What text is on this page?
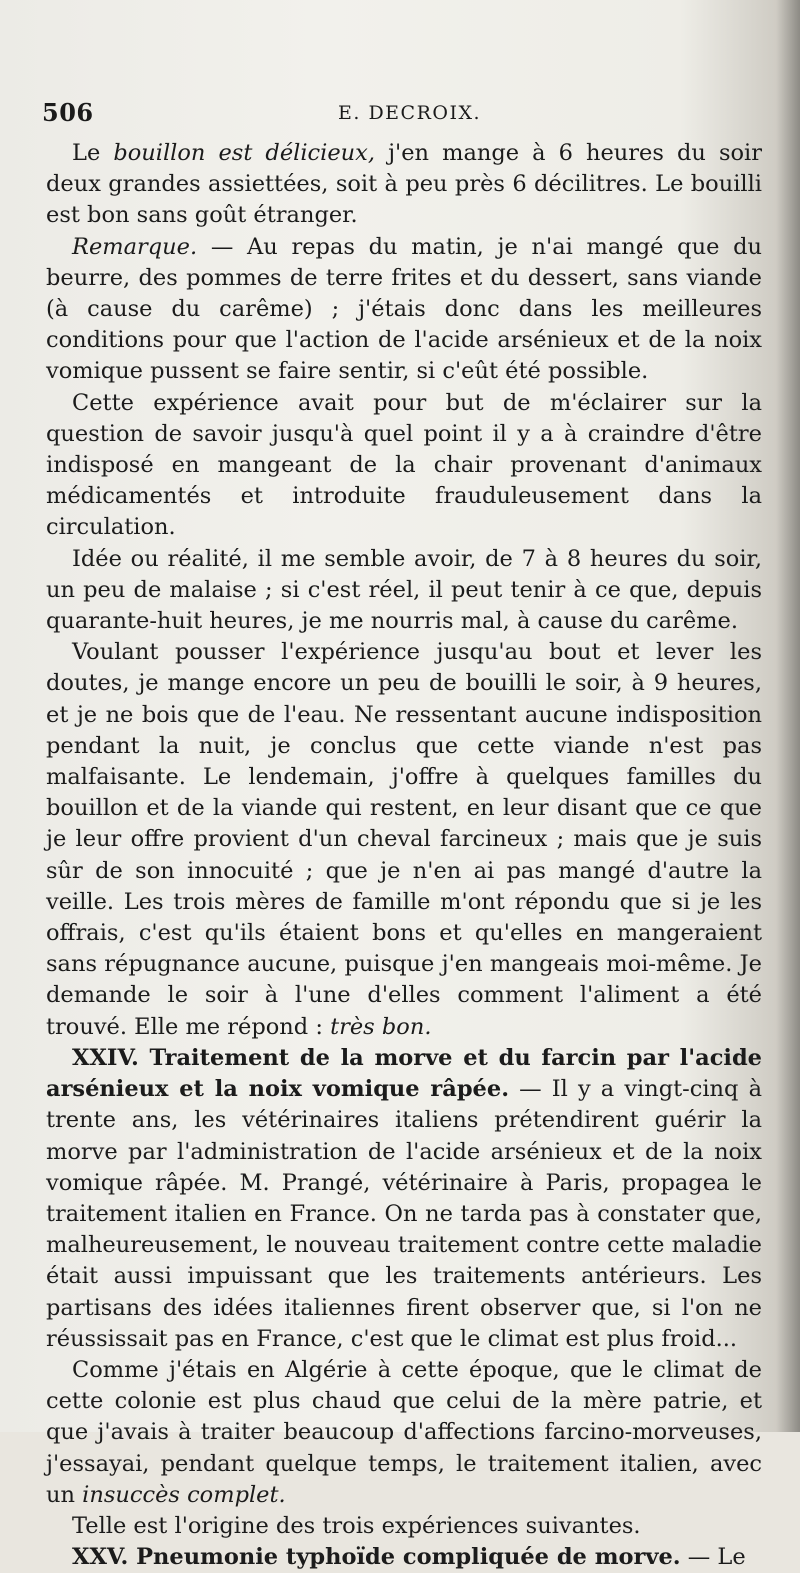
506	E. DECROIX.

Le bouillon est délicieux, j'en mange à 6 heures du soir deux grandes assiettées, soit à peu près 6 décilitres. Le bouilli est bon sans goût étranger.

Remarque. — Au repas du matin, je n'ai mangé que du beurre, des pommes de terre frites et du dessert, sans viande (à cause du carême) ; j'étais donc dans les meilleures conditions pour que l'action de l'acide arsénieux et de la noix vomique pussent se faire sentir, si c'eût été possible.

Cette expérience avait pour but de m'éclairer sur la question de savoir jusqu'à quel point il y a à craindre d'être indisposé en mangeant de la chair provenant d'animaux médicamentés et introduite frauduleusement dans la circulation.

Idée ou réalité, il me semble avoir, de 7 à 8 heures du soir, un peu de malaise ; si c'est réel, il peut tenir à ce que, depuis quarante-huit heures, je me nourris mal, à cause du carême.

Voulant pousser l'expérience jusqu'au bout et lever les doutes, je mange encore un peu de bouilli le soir, à 9 heures, et je ne bois que de l'eau. Ne ressentant aucune indisposition pendant la nuit, je conclus que cette viande n'est pas malfaisante. Le lendemain, j'offre à quelques familles du bouillon et de la viande qui restent, en leur disant que ce que je leur offre provient d'un cheval farcineux ; mais que je suis sûr de son innocuité ; que je n'en ai pas mangé d'autre la veille. Les trois mères de famille m'ont répondu que si je les offrais, c'est qu'ils étaient bons et qu'elles en mangeraient sans répugnance aucune, puisque j'en mangeais moi-même. Je demande le soir à l'une d'elles comment l'aliment a été trouvé. Elle me répond : très bon.

XXIV. Traitement de la morve et du farcin par l'acide arsénieux et la noix vomique râpée. — Il y a vingt-cinq à trente ans, les vétérinaires italiens prétendirent guérir la morve par l'administration de l'acide arsénieux et de la noix vomique râpée. M. Prangé, vétérinaire à Paris, propagea le traitement italien en France. On ne tarda pas à constater que, malheureusement, le nouveau traitement contre cette maladie était aussi impuissant que les traitements antérieurs. Les partisans des idées italiennes firent observer que, si l'on ne réussissait pas en France, c'est que le climat est plus froid...

Comme j'étais en Algérie à cette époque, que le climat de cette colonie est plus chaud que celui de la mère patrie, et que j'avais à traiter beaucoup d'affections farcino-morveuses, j'essayai, pendant quelque temps, le traitement italien, avec un insuccès complet.

Telle est l'origine des trois expériences suivantes.

XXV. Pneumonie typhoïde compliquée de morve. — Le
